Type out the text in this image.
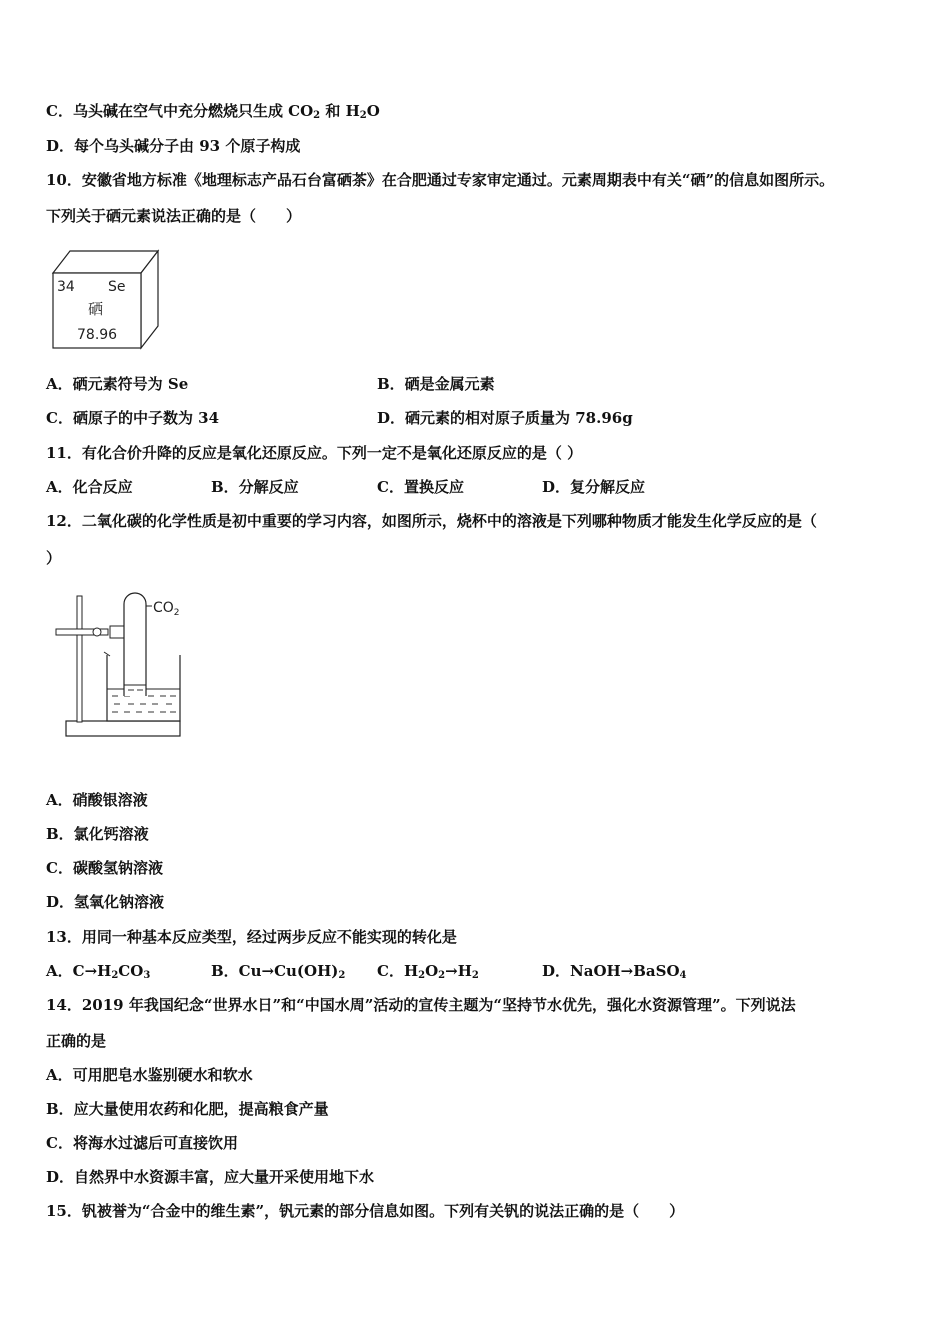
C．乌头碱在空气中充分燃烧只生成 $CO_2$ 和 $H_2O$
D．每个乌头碱分子由 93 个原子构成
10．安徽省地方标准《地理标志产品石台富硒茶》在合肥通过专家审定通过。元素周期表中有关“硒”的信息如图所示。
下列关于硒元素说法正确的是（　　）
34 Se
硒
78.96
A．硒元素符号为 Se	B．硒是金属元素
C．硒原子的中子数为 34	D．硒元素的相对原子质量为 78.96g
11．有化合价升降的反应是氧化还原反应。下列一定不是氧化还原反应的是（ ）
A．化合反应	B．分解反应	C．置换反应	D．复分解反应
12．二氧化碳的化学性质是初中重要的学习内容，如图所示，烧杯中的溶液是下列哪种物质才能发生化学反应的是（
）
$CO_2$
A．硝酸银溶液
B．氯化钙溶液
C．碳酸氢钠溶液
D．氢氧化钠溶液
13．用同一种基本反应类型，经过两步反应不能实现的转化是
A．$C\to H_2CO_3$	B．$Cu\to Cu(OH)_2$ C．$H_2O_2\to H_2$	D．NaOH→BaSO$_4$
14．2019 年我国纪念“世界水日”和“中国水周”活动的宣传主题为“坚持节水优先，强化水资源管理”。下列说法
正确的是
A．可用肥皂水鉴别硬水和软水
B．应大量使用农药和化肥，提高粮食产量
C．将海水过滤后可直接饮用
D．自然界中水资源丰富，应大量开采使用地下水
15．钒被誉为“合金中的维生素”，钒元素的部分信息如图。下列有关钒的说法正确的是（　　）
